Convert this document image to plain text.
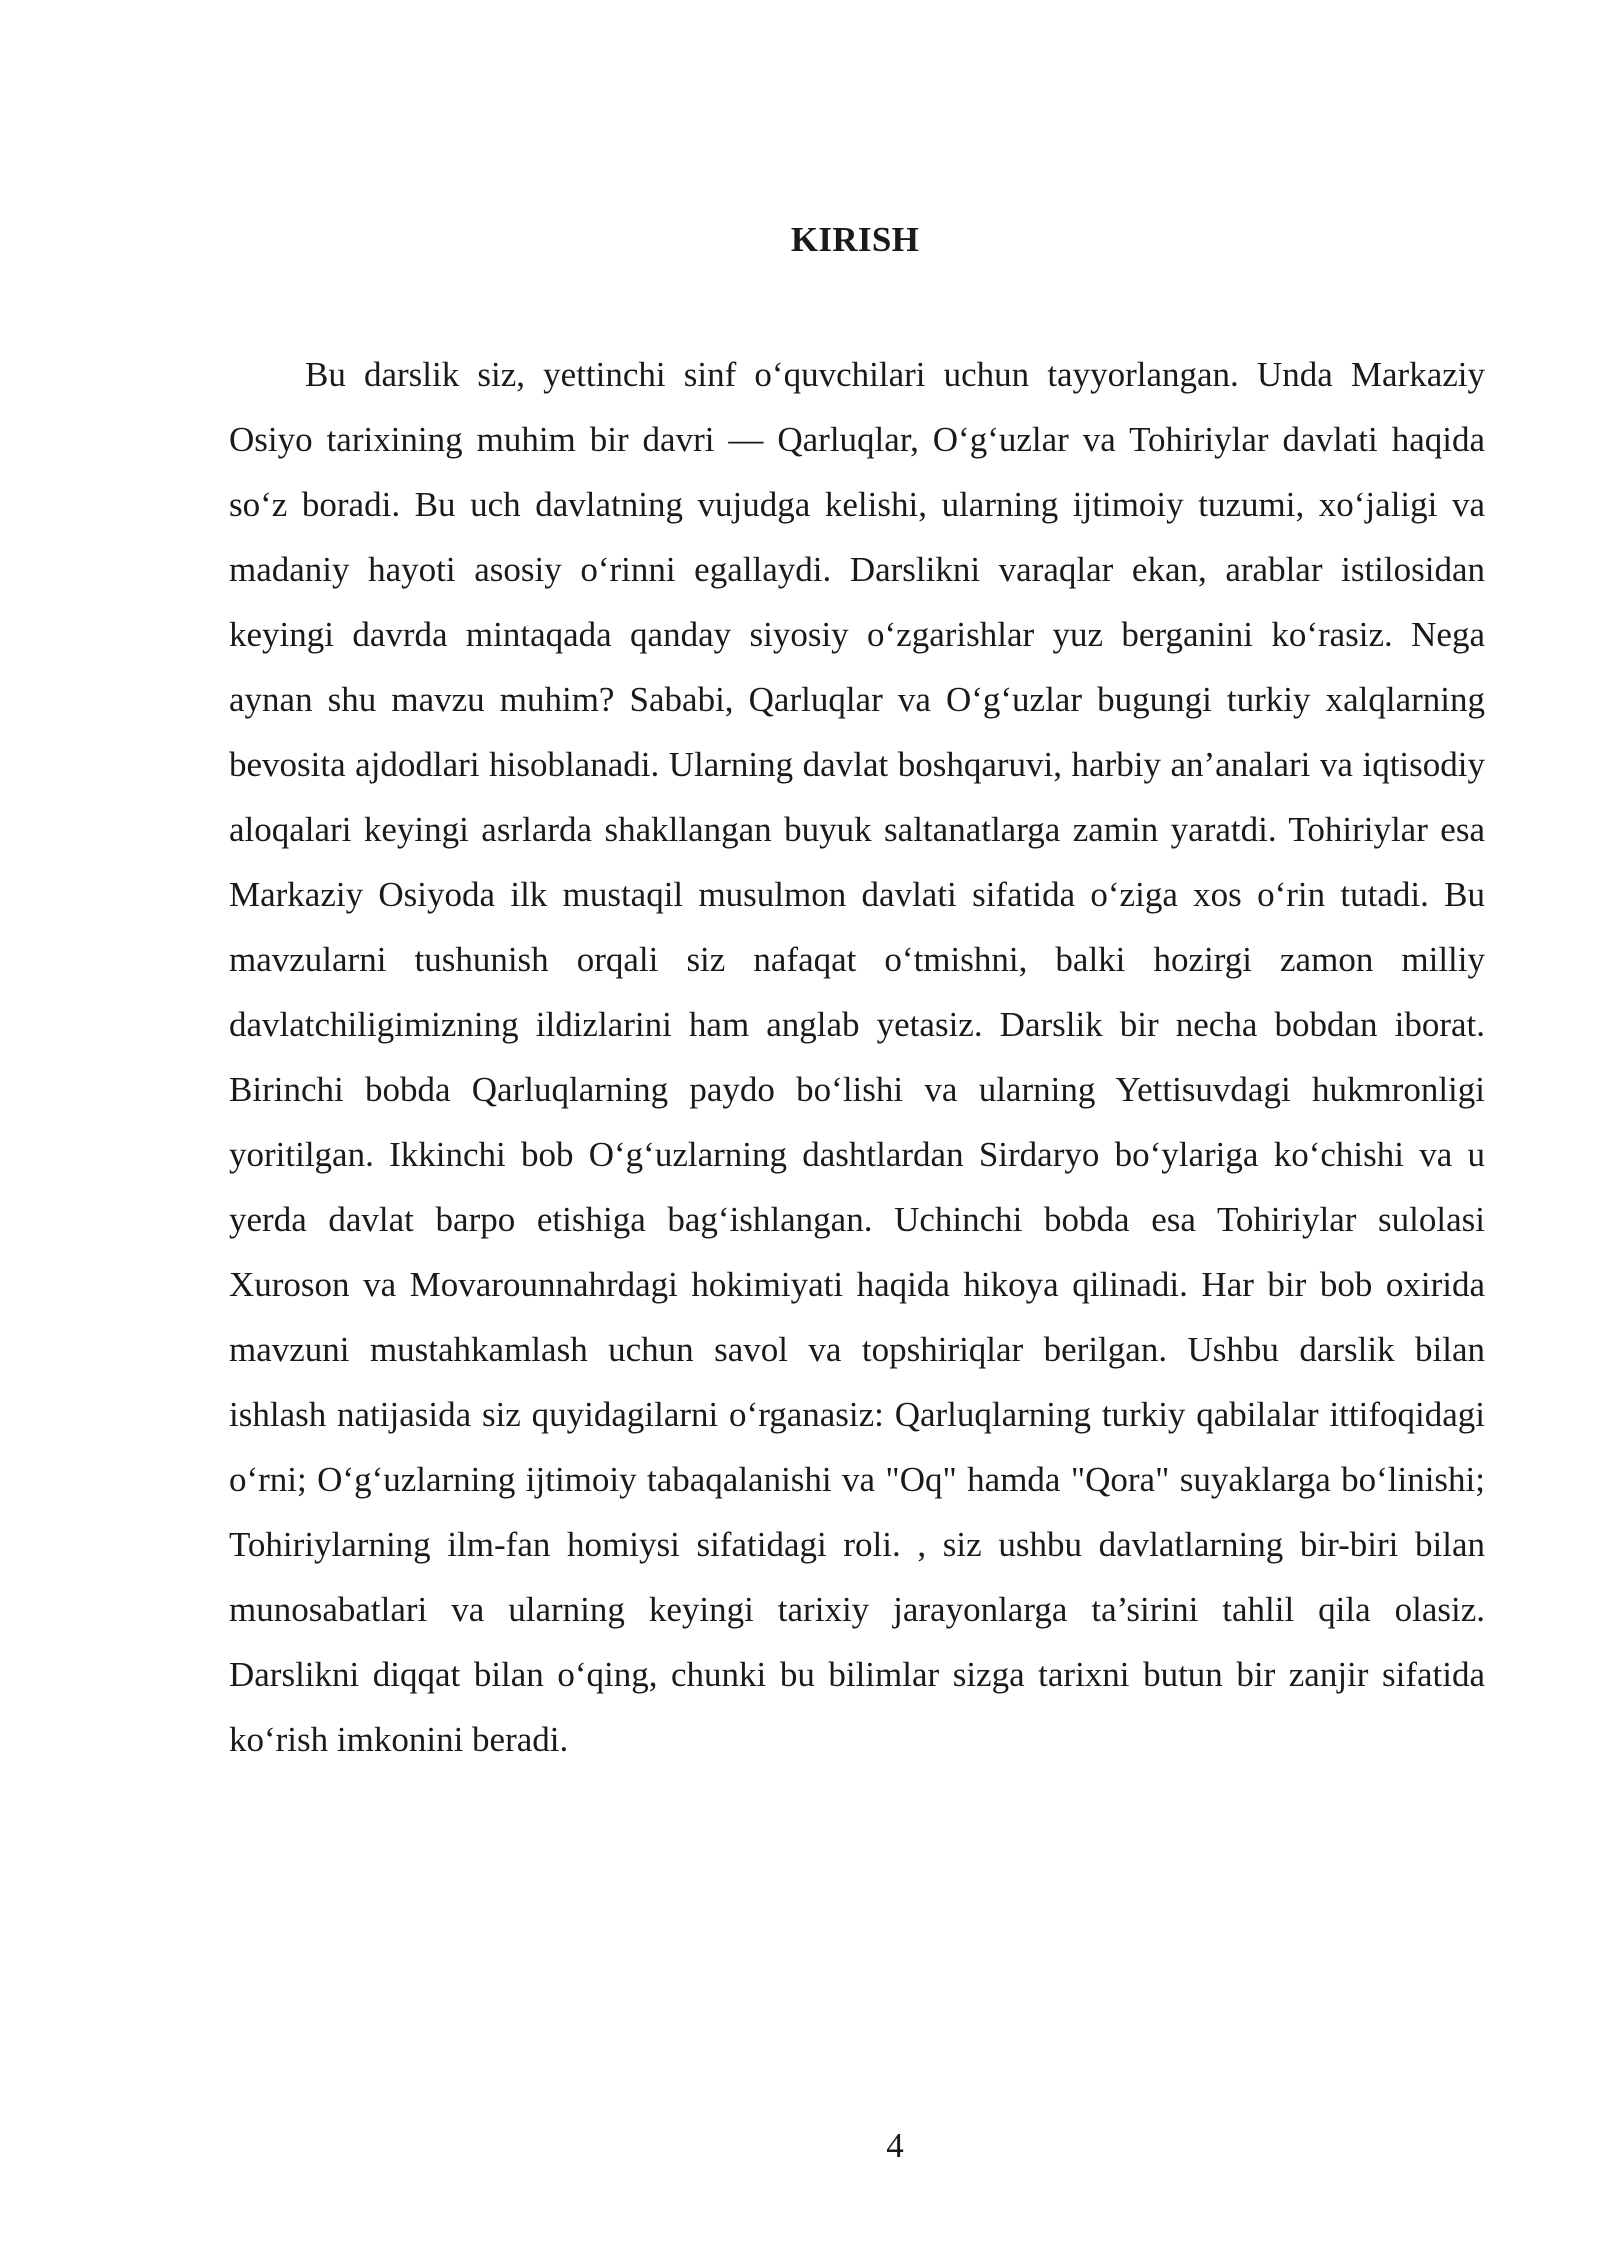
KIRISH

Bu darslik siz, yettinchi sinf o‘quvchilari uchun tayyorlangan. Unda Markaziy Osiyo tarixining muhim bir davri — Qarluqlar, O‘g‘uzlar va Tohiriylar davlati haqida so‘z boradi. Bu uch davlatning vujudga kelishi, ularning ijtimoiy tuzumi, xo‘jaligi va madaniy hayoti asosiy o‘rinni egallaydi. Darslikni varaqlar ekan, arablar istilosidan keyingi davrda mintaqada qanday siyosiy o‘zgarishlar yuz berganini ko‘rasiz. Nega aynan shu mavzu muhim? Sababi, Qarluqlar va O‘g‘uzlar bugungi turkiy xalqlarning bevosita ajdodlari hisoblanadi. Ularning davlat boshqaruvi, harbiy an’analari va iqtisodiy aloqalari keyingi asrlarda shakllangan buyuk saltanatlarga zamin yaratdi. Tohiriylar esa Markaziy Osiyoda ilk mustaqil musulmon davlati sifatida o‘ziga xos o‘rin tutadi. Bu mavzularni tushunish orqali siz nafaqat o‘tmishni, balki hozirgi zamon milliy davlatchiligimizning ildizlarini ham anglab yetasiz. Darslik bir necha bobdan iborat. Birinchi bobda Qarluqlarning paydo bo‘lishi va ularning Yettisuvdagi hukmronligi yoritilgan. Ikkinchi bob O‘g‘uzlarning dashtlardan Sirdaryo bo‘ylariga ko‘chishi va u yerda davlat barpo etishiga bag‘ishlangan. Uchinchi bobda esa Tohiriylar sulolasi Xuroson va Movarounnahrdagi hokimiyati haqida hikoya qilinadi. Har bir bob oxirida mavzuni mustahkamlash uchun savol va topshiriqlar berilgan. Ushbu darslik bilan ishlash natijasida siz quyidagilarni o‘rganasiz: Qarluqlarning turkiy qabilalar ittifoqidagi o‘rni; O‘g‘uzlarning ijtimoiy tabaqalanishi va "Oq" hamda "Qora" suyaklarga bo‘linishi; Tohiriylarning ilm-fan homiysi sifatidagi roli. , siz ushbu davlatlarning bir-biri bilan munosabatlari va ularning keyingi tarixiy jarayonlarga ta’sirini tahlil qila olasiz. Darslikni diqqat bilan o‘qing, chunki bu bilimlar sizga tarixni butun bir zanjir sifatida ko‘rish imkonini beradi.

4
